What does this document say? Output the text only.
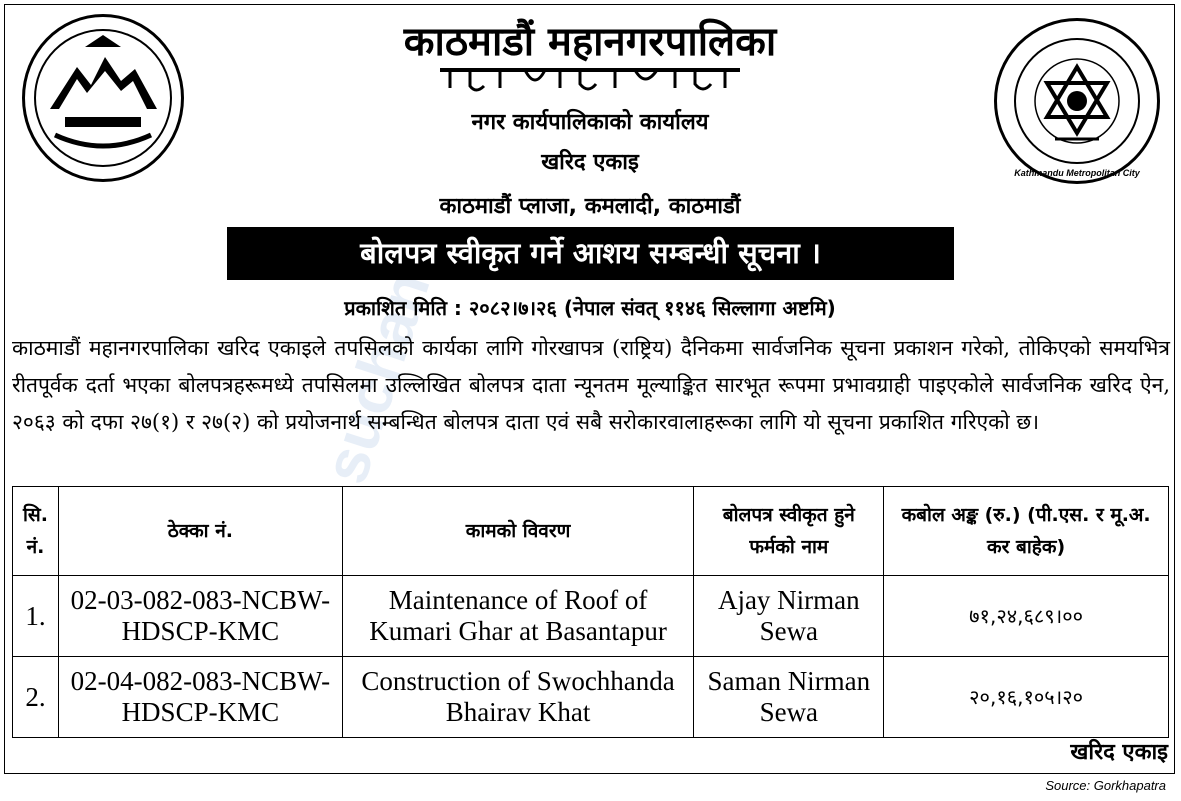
suchana
Kathmandu Metropolitan City
काठमाडौं महानगरपालिका
नगर कार्यपालिकाको कार्यालय
खरिद एकाइ
काठमाडौं प्लाजा, कमलादी, काठमाडौं
बोलपत्र स्वीकृत गर्ने आशय सम्बन्धी सूचना ।
प्रकाशित मिति : २०८२।७।२६ (नेपाल संवत् ११४६ सिल्लागा अष्टमि)
काठमाडौं महानगरपालिका खरिद एकाइले तपसिलको कार्यका लागि गोरखापत्र (राष्ट्रिय) दैनिकमा सार्वजनिक सूचना प्रकाशन गरेको, तोकिएको समयभित्र रीतपूर्वक दर्ता भएका बोलपत्रहरूमध्ये तपसिलमा उल्लिखित बोलपत्र दाता न्यूनतम मूल्याङ्कित सारभूत रूपमा प्रभावग्राही पाइएकोले सार्वजनिक खरिद ऐन, २०६३ को दफा २७(१) र २७(२) को प्रयोजनार्थ सम्बन्धित बोलपत्र दाता एवं सबै सरोकारवालाहरूका लागि यो सूचना प्रकाशित गरिएको छ।
सि. नं.	ठेक्का नं.	कामको विवरण	बोलपत्र स्वीकृत हुने फर्मको नाम	कबोल अङ्क (रु.) (पी.एस. र मू.अ. कर बाहेक)
1.	02-03-082-083-NCBW-HDSCP-KMC	Maintenance of Roof of Kumari Ghar at Basantapur	Ajay Nirman Sewa	७१,२४,६८९।००
2.	02-04-082-083-NCBW-HDSCP-KMC	Construction of Swochhanda Bhairav Khat	Saman Nirman Sewa	२०,१६,१०५।२०
खरिद एकाइ
Source: Gorkhapatra
